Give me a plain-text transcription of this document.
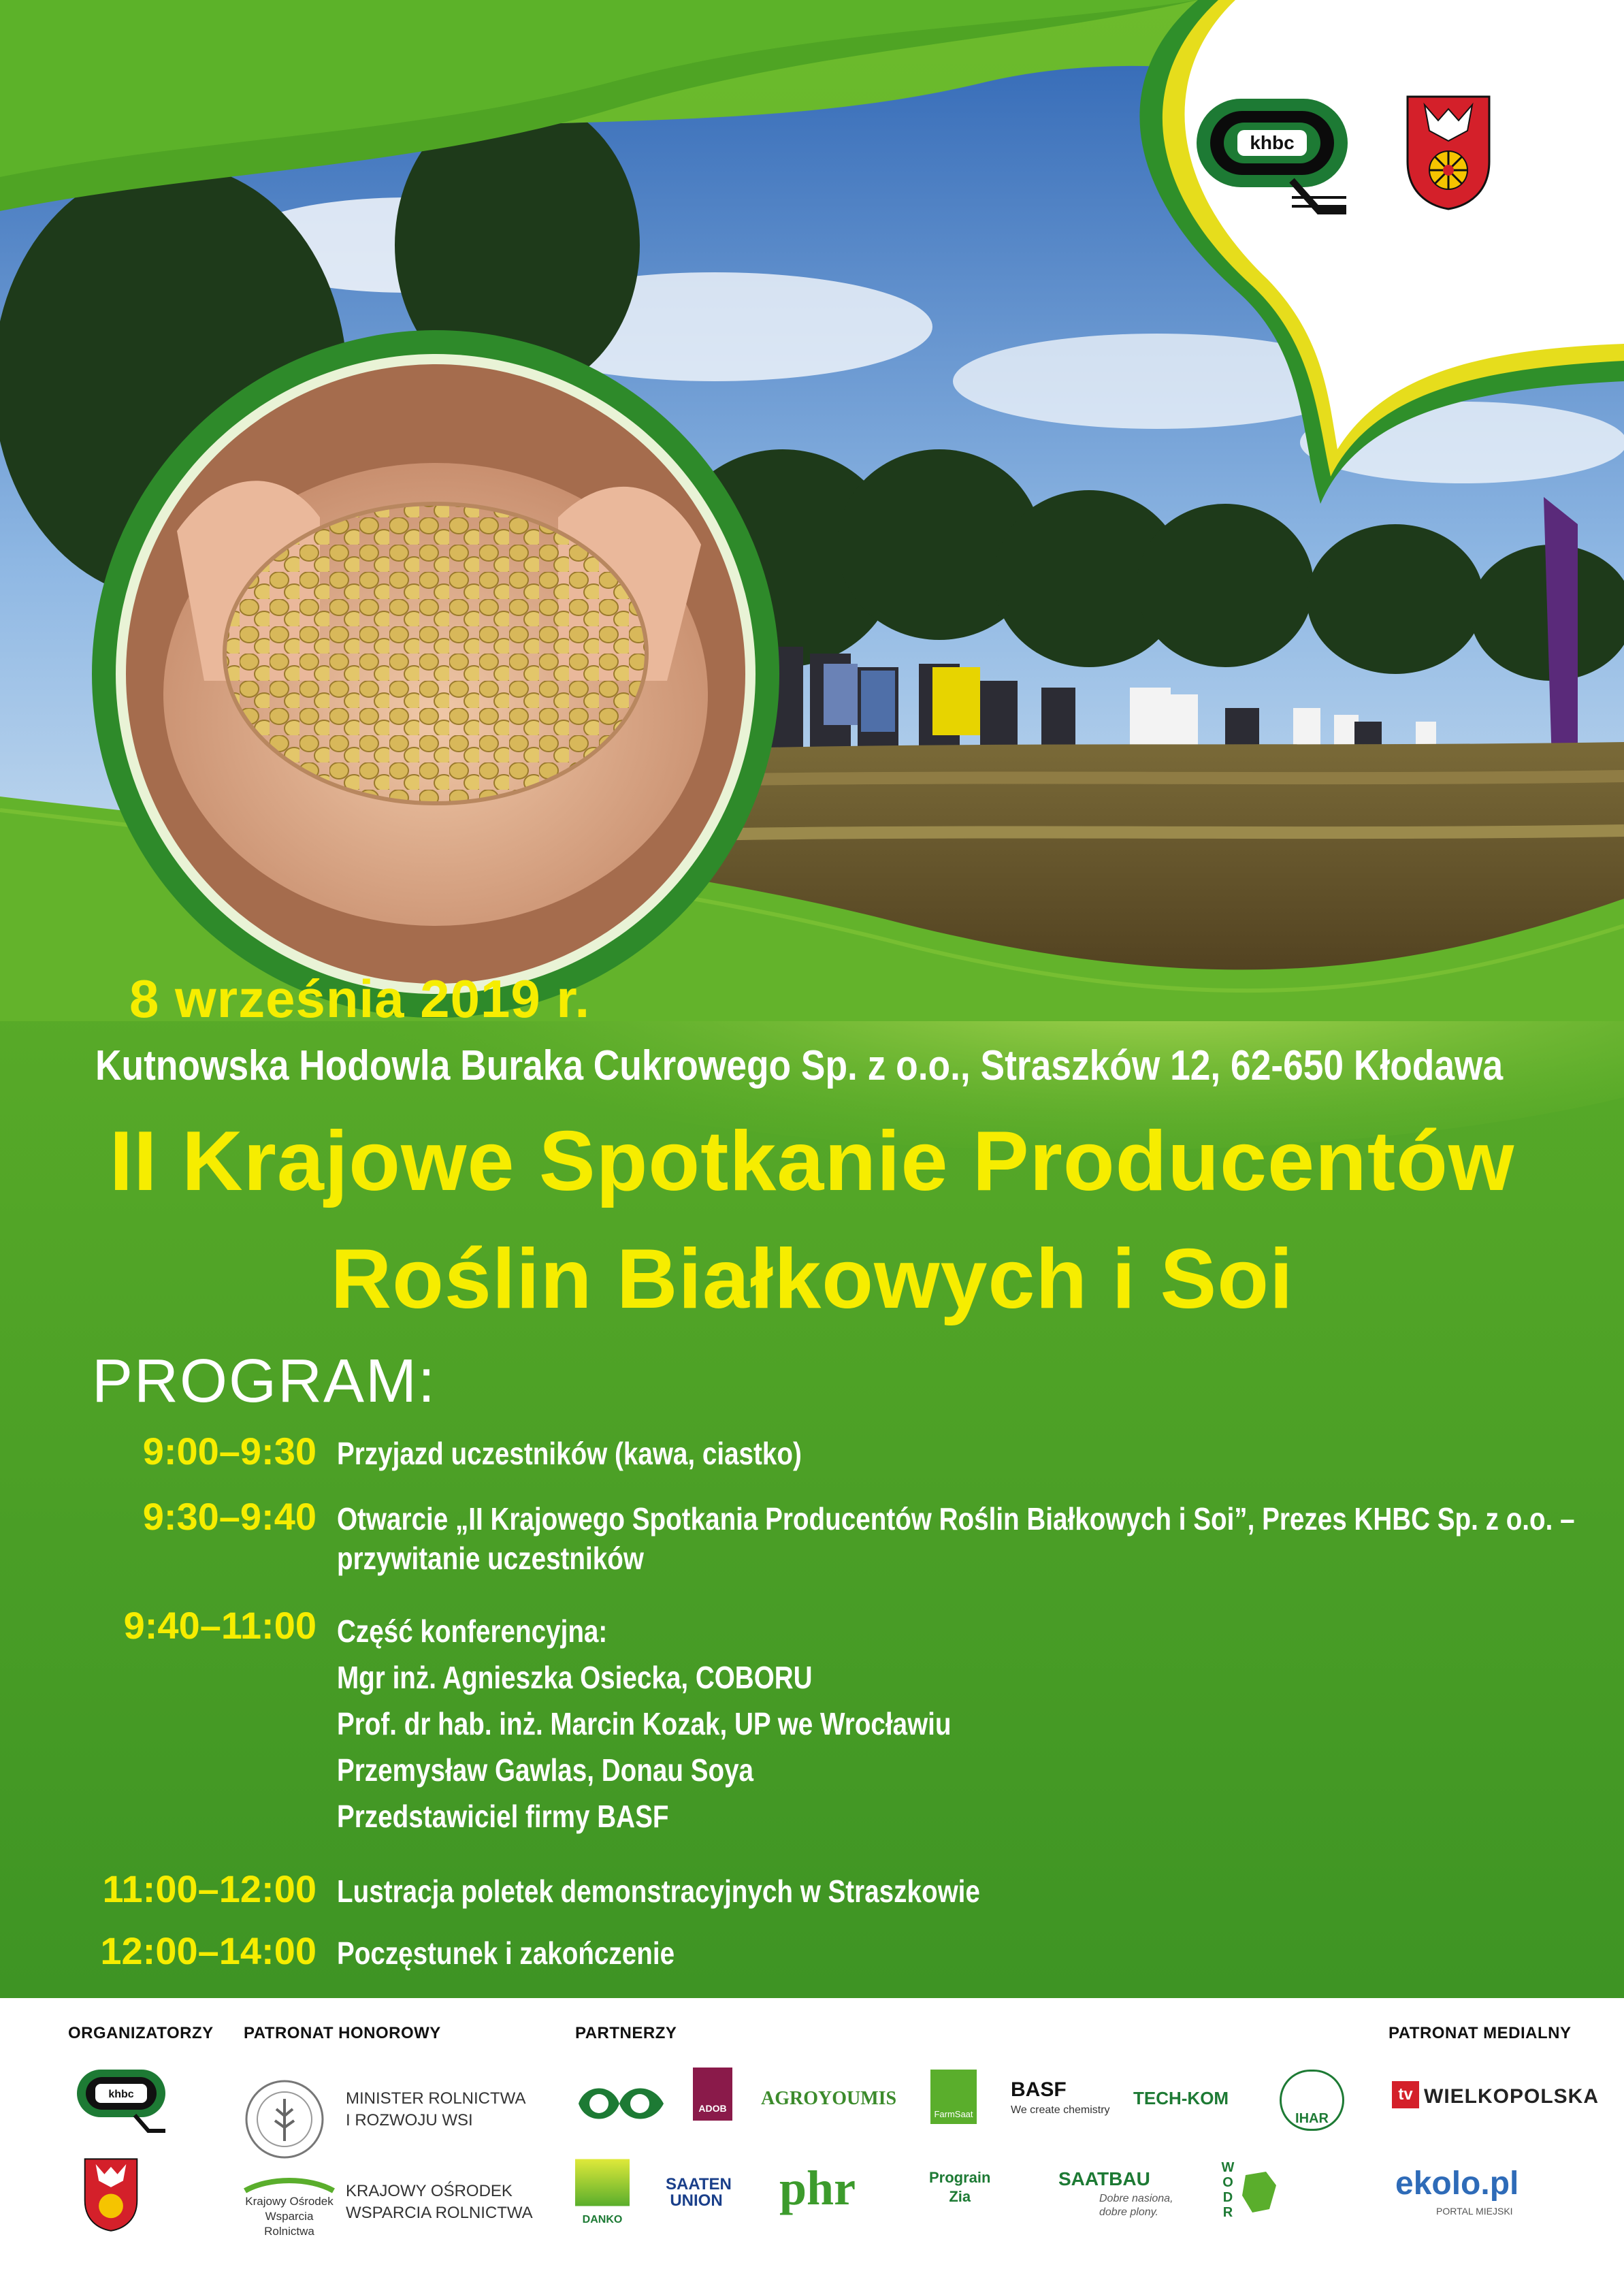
khbc
8 września 2019 r.
Kutnowska Hodowla Buraka Cukrowego Sp. z o.o., Straszków 12, 62-650 Kłodawa
II Krajowe Spotkanie Producentów
Roślin Białkowych i Soi
PROGRAM:
9:00–9:30 Przyjazd uczestników (kawa, ciastko)
9:30–9:40 Otwarcie „II Krajowego Spotkania Producentów Roślin Białkowych i Soi”, Prezes KHBC Sp. z o.o. –
przywitanie uczestników
9:40–11:00 Część konferencyjna:
Mgr inż. Agnieszka Osiecka, COBORU
Prof. dr hab. inż. Marcin Kozak, UP we Wrocławiu
Przemysław Gawlas, Donau Soya
Przedstawiciel firmy BASF
11:00–12:00 Lustracja poletek demonstracyjnych w Straszkowie
12:00–14:00 Poczęstunek i zakończenie
ORGANIZATORZY PATRONAT HONOROWY	PARTNERZY	PATRONAT MEDIALNY
khbc	MINISTER ROLNICTWA
I ROZWOJU WSI
Krajowy Ośrodek
Wsparcia Rolnictwa
KRAJOWY OŚRODEK
WSPARCIA ROLNICTWA
ADOB AGROYOUMIS
FarmSaat
BASF
We create chemistry
TECH-KOM
IHAR
DANKO
SAATEN UNION phr	Prograin
Zia
SAATBAU
Dobre nasiona, dobre plony.	WODR
tv WIELKOPOLSKA
ekolo.pl
PORTAL MIEJSKI
